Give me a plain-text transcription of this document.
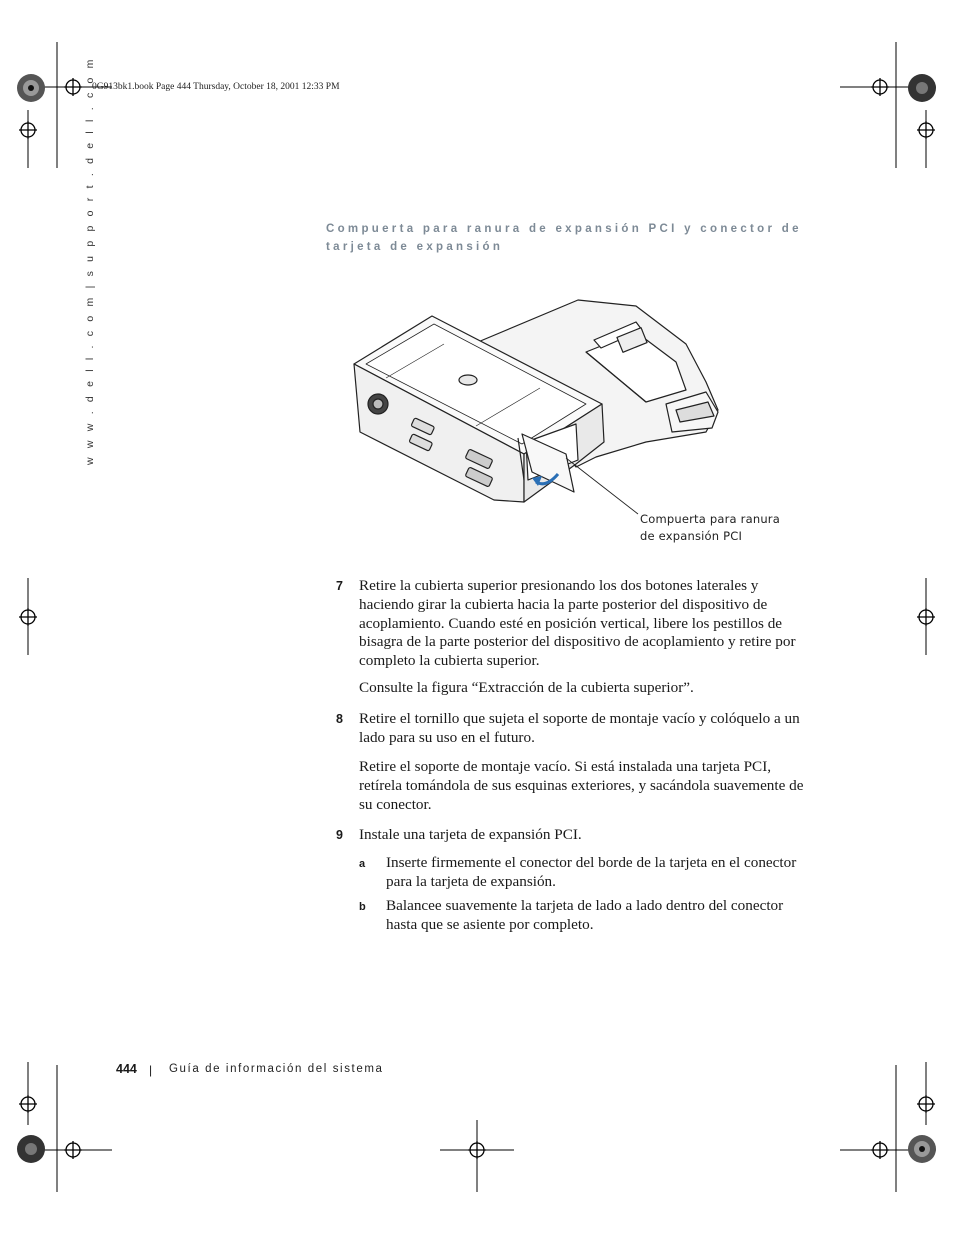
0G913bk1.book Page 444 Thursday, October 18, 2001 12:33 PM
w w w . d e l l . c o m | s u p p o r t . d e l l . c o m	Compuerta para ranura de expansión PCI y conector de tarjeta de expansión
Compuerta para ranura
de expansión PCI
7 Retire la cubierta superior presionando los dos botones laterales y haciendo girar la cubierta hacia la parte posterior del dispositivo de acoplamiento. Cuando esté en posición vertical, libere los pestillos de bisagra de la parte posterior del dispositivo de acoplamiento y retire por completo la cubierta superior.
Consulte la figura “Extracción de la cubierta superior”.
8 Retire el tornillo que sujeta el soporte de montaje vacío y colóquelo a un lado para su uso en el futuro.
Retire el soporte de montaje vacío. Si está instalada una tarjeta PCI, retírela tomándola de sus esquinas exteriores, y sacándola suavemente de su conector.
9 Instale una tarjeta de expansión PCI.
a Inserte firmemente el conector del borde de la tarjeta en el conector para la tarjeta de expansión.
b Balancee suavemente la tarjeta de lado a lado dentro del conector hasta que se asiente por completo.
444 | Guía de información del sistema
